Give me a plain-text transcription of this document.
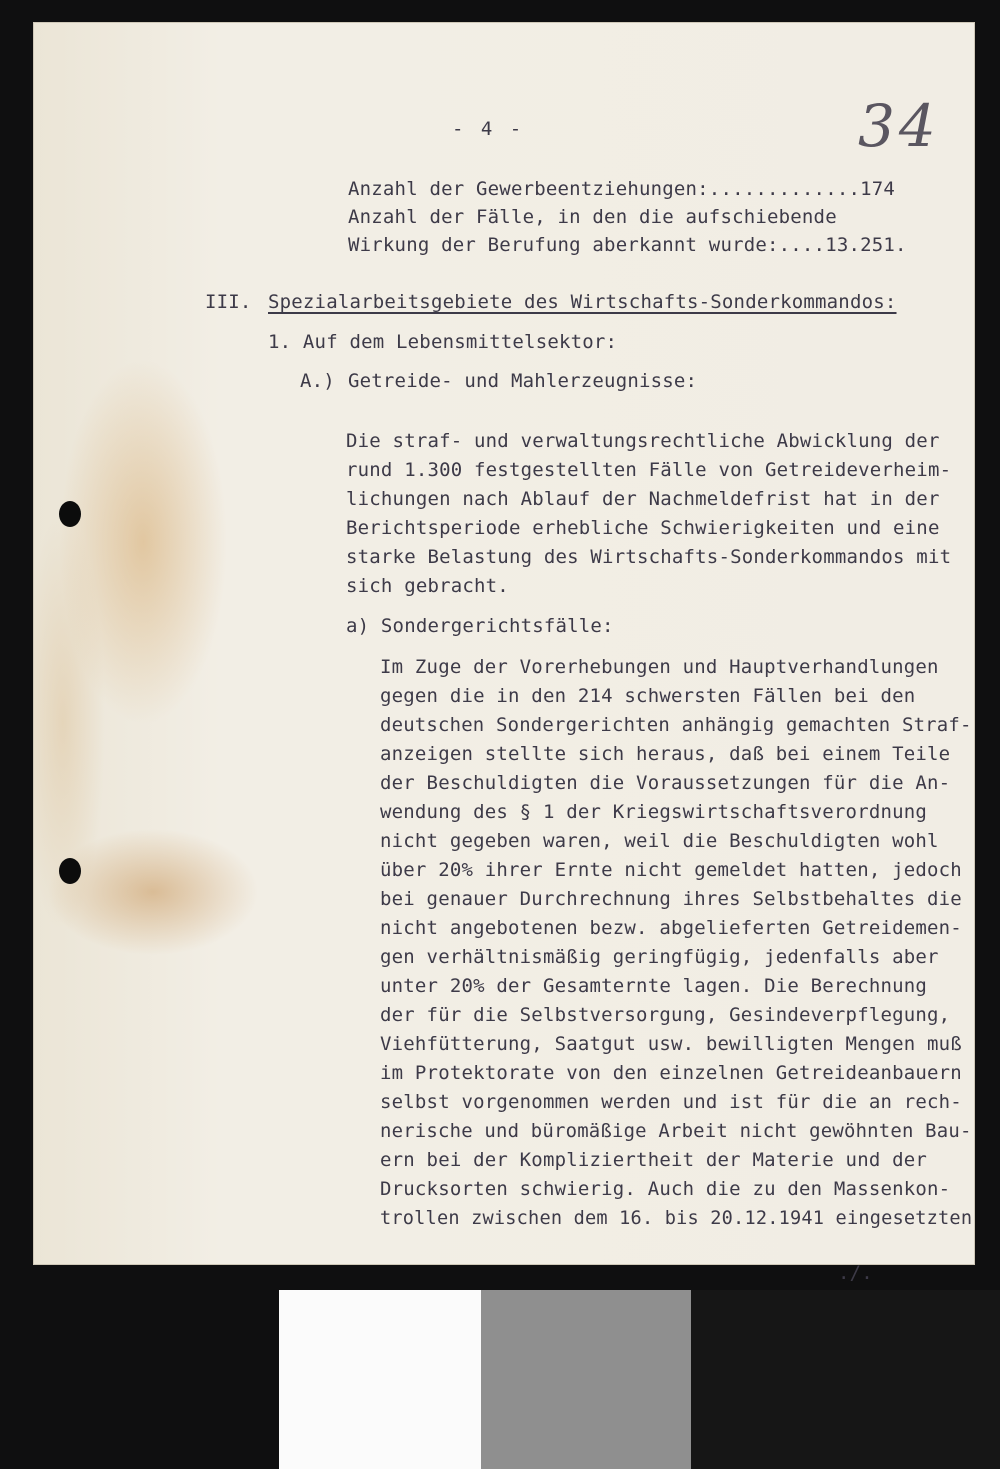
34
- 4 -
Anzahl der Gewerbeentziehungen:.............174
Anzahl der Fälle, in den die aufschiebende
Wirkung der Berufung aberkannt wurde:....13.251.
III. Spezialarbeitsgebiete des Wirtschafts-Sonderkommandos:
1. Auf dem Lebensmittelsektor:
A.) Getreide- und Mahlerzeugnisse:
Die straf- und verwaltungsrechtliche Abwicklung der
rund 1.300 festgestellten Fälle von Getreideverheim-
lichungen nach Ablauf der Nachmeldefrist hat in der
Berichtsperiode erhebliche Schwierigkeiten und eine
starke Belastung des Wirtschafts-Sonderkommandos mit
sich gebracht.
a) Sondergerichtsfälle:
Im Zuge der Vorerhebungen und Hauptverhandlungen
gegen die in den 214 schwersten Fällen bei den
deutschen Sondergerichten anhängig gemachten Straf-
anzeigen stellte sich heraus, daß bei einem Teile
der Beschuldigten die Voraussetzungen für die An-
wendung des § 1 der Kriegswirtschaftsverordnung
nicht gegeben waren, weil die Beschuldigten wohl
über 20% ihrer Ernte nicht gemeldet hatten, jedoch
bei genauer Durchrechnung ihres Selbstbehaltes die
nicht angebotenen bezw. abgelieferten Getreidemen-
gen verhältnismäßig geringfügig, jedenfalls aber
unter 20% der Gesamternte lagen. Die Berechnung
der für die Selbstversorgung, Gesindeverpflegung,
Viehfütterung, Saatgut usw. bewilligten Mengen muß
im Protektorate von den einzelnen Getreideanbauern
selbst vorgenommen werden und ist für die an rech-
nerische und büromäßige Arbeit nicht gewöhnten Bau-
ern bei der Kompliziertheit der Materie und der
Drucksorten schwierig. Auch die zu den Massenkon-
trollen zwischen dem 16. bis 20.12.1941 eingesetzten
./.
